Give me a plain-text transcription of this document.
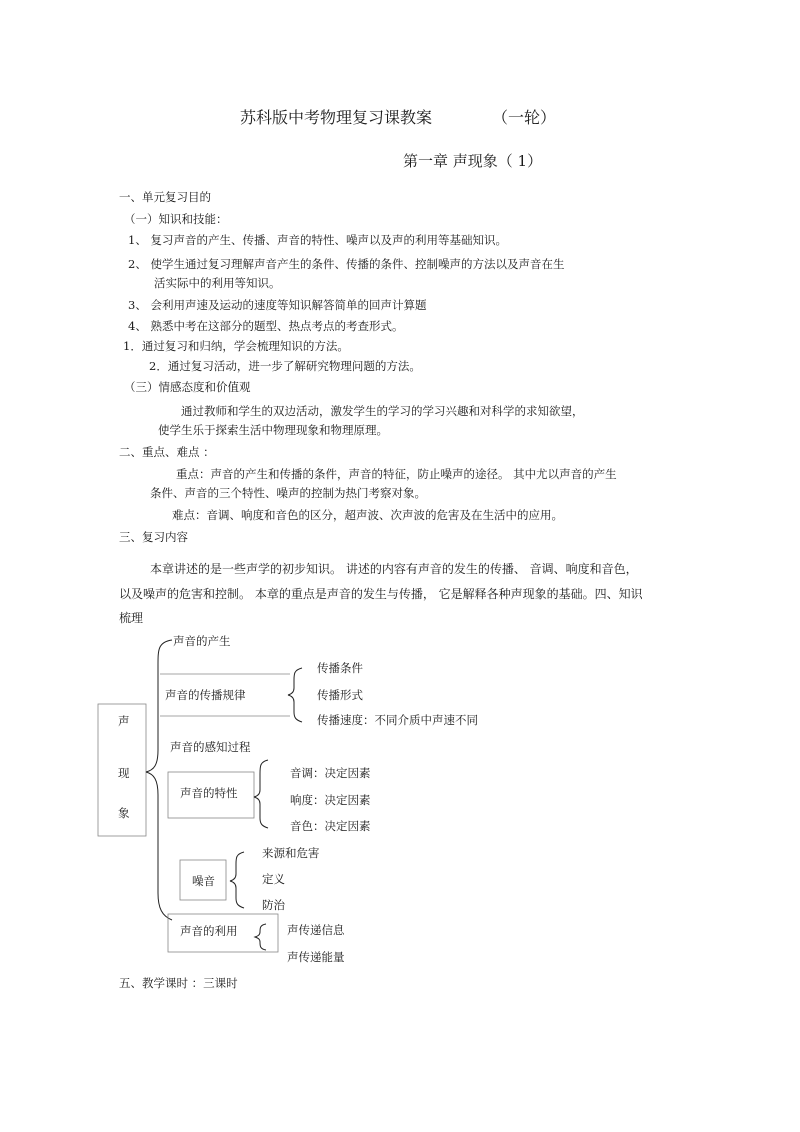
苏科版中考物理复习课教案	（一轮）
第一章 声现象（ 1）
一、单元复习目的
（一）知识和技能：
1、 复习声音的产生、传播、声音的特性、噪声以及声的利用等基础知识。
2、 使学生通过复习理解声音产生的条件、传播的条件、控制噪声的方法以及声音在生
活实际中的利用等知识。
3、 会利用声速及运动的速度等知识解答简单的回声计算题
4、 熟悉中考在这部分的题型、热点考点的考查形式。
1．通过复习和归纳，学会梳理知识的方法。
2．通过复习活动，进一步了解研究物理问题的方法。
（三）情感态度和价值观
通过教师和学生的双边活动，激发学生的学习的学习兴趣和对科学的求知欲望，
使学生乐于探索生活中物理现象和物理原理。
二、重点、难点 ：
重点：声音的产生和传播的条件，声音的特征，防止噪声的途径。 其中尤以声音的产生
条件、声音的三个特性、噪声的控制为热门考察对象。
难点：音调、响度和音色的区分，超声波、次声波的危害及在生活中的应用。
三、复习内容
本章讲述的是一些声学的初步知识。 讲述的内容有声音的发生的传播、 音调、响度和音色，
以及噪声的危害和控制。 本章的重点是声音的发生与传播， 它是解释各种声现象的基础。四、知识
梳理
声
现
象
声音的产生
声音的传播规律
传播条件
传播形式
传播速度：不同介质中声速不同
声音的感知过程
声音的特性
音调：决定因素
响度：决定因素
音色：决定因素
噪音
来源和危害
定义
防治
声音的利用	声传递信息
声传递能量
五、教学课时 ：三课时
